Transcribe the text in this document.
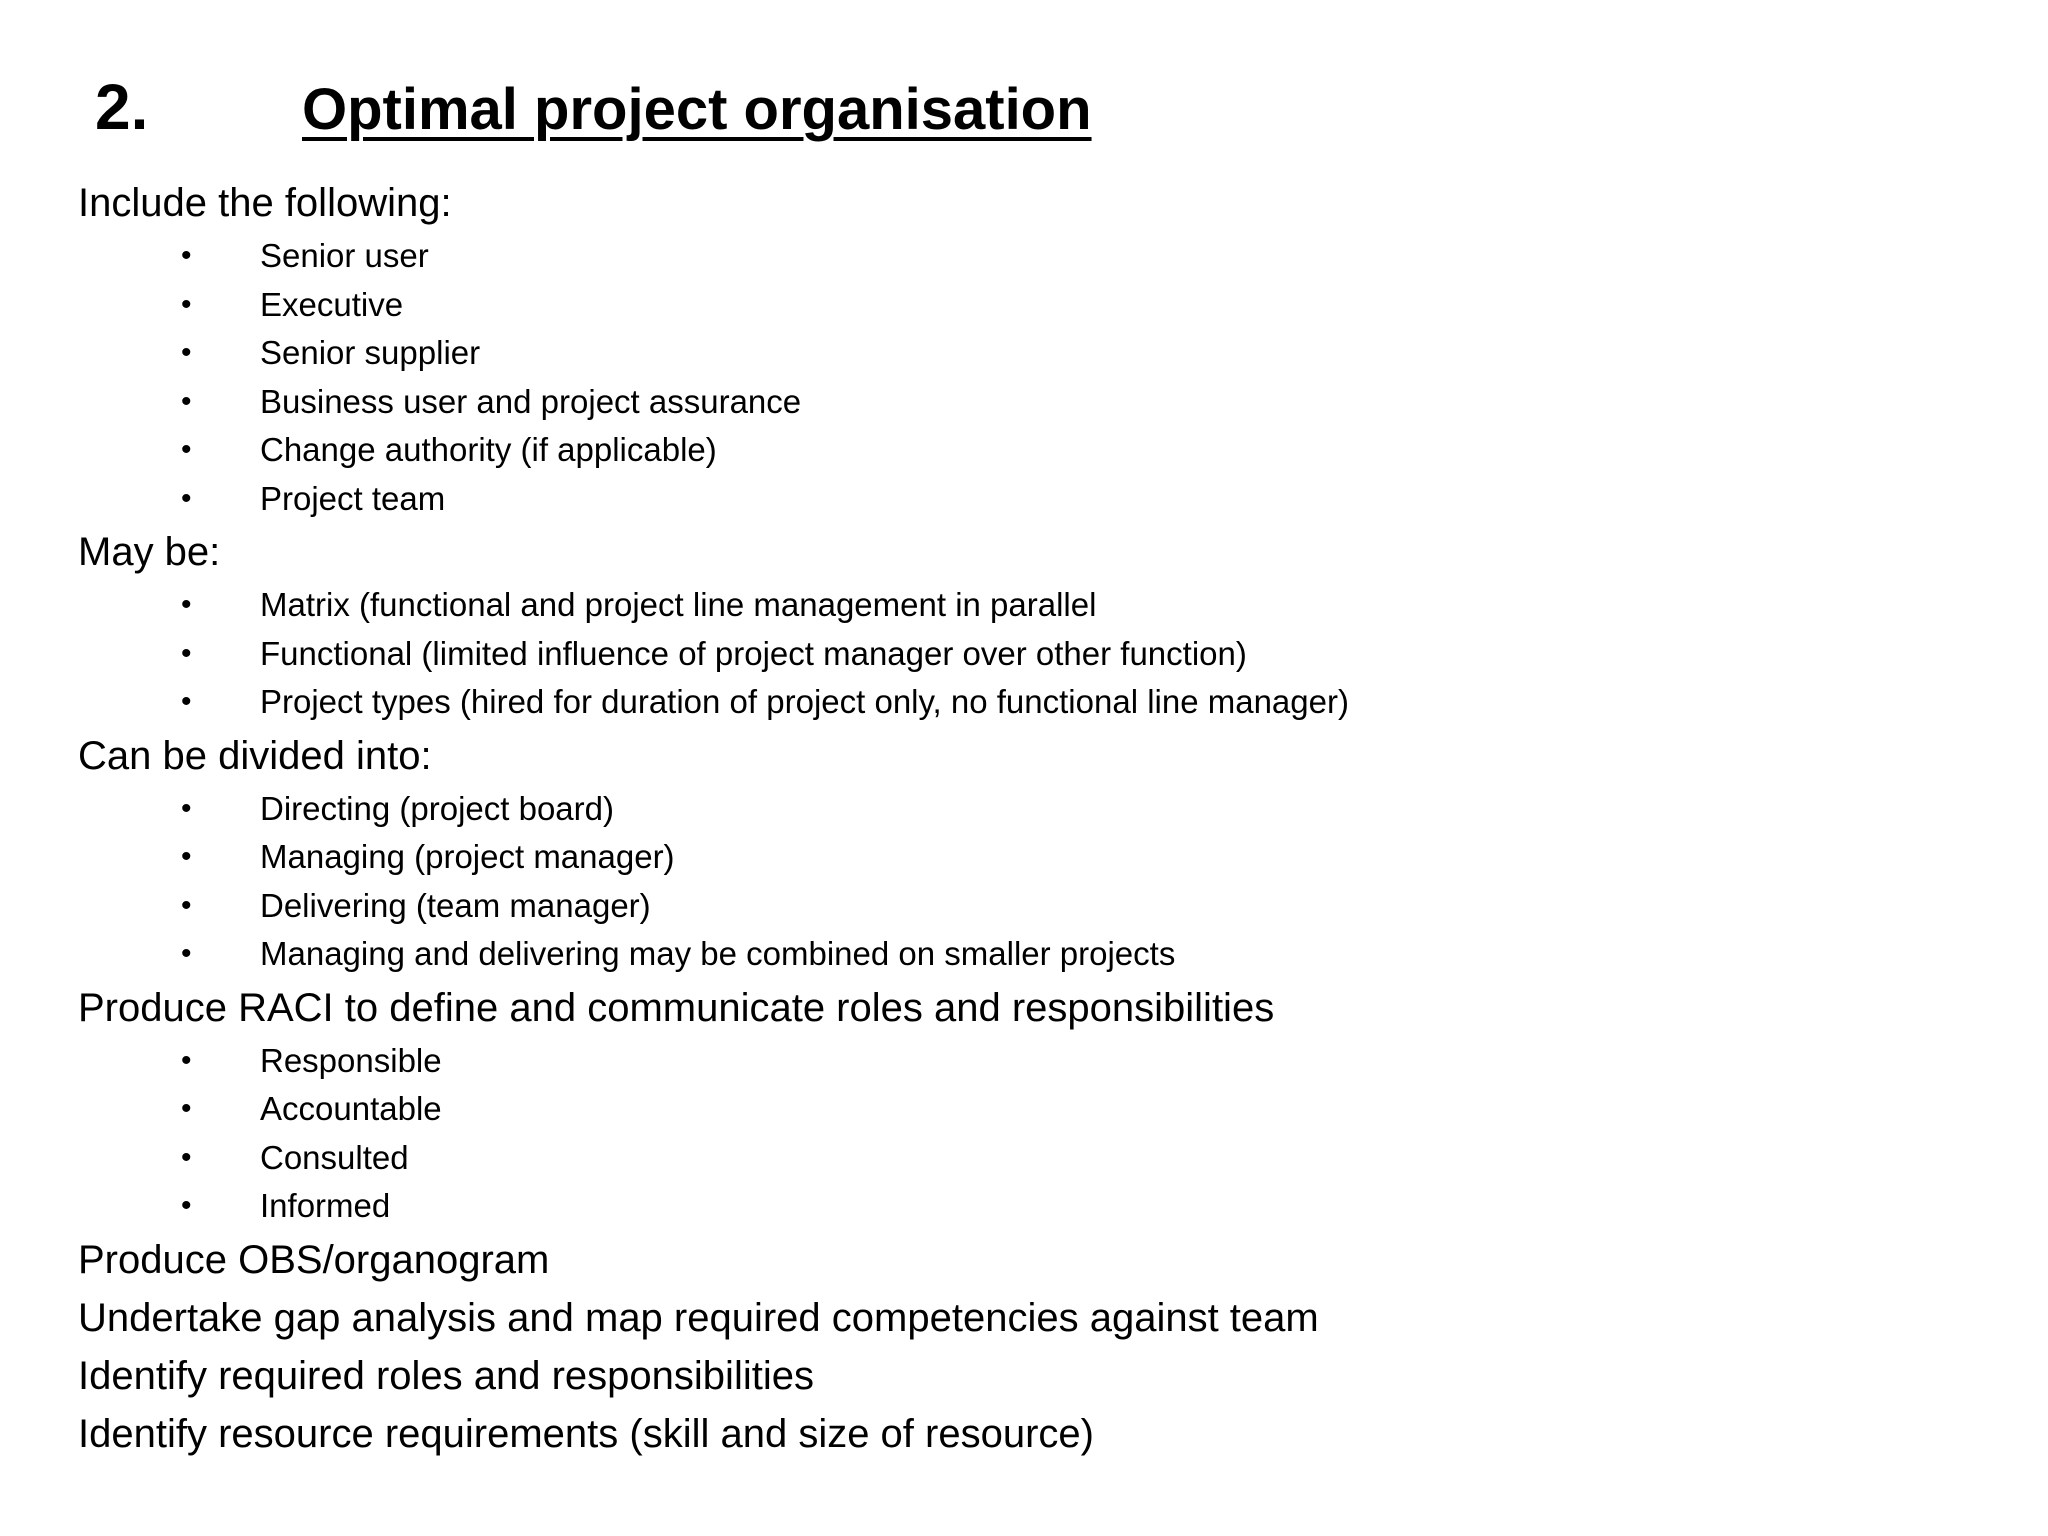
2.	Optimal project organisation
Include the following:
• Senior user
• Executive
• Senior supplier
• Business user and project assurance
• Change authority (if applicable)
• Project team
May be:
• Matrix (functional and project line management in parallel
• Functional (limited influence of project manager over other function)
• Project types (hired for duration of project only, no functional line manager)
Can be divided into:
• Directing (project board)
• Managing (project manager)
• Delivering (team manager)
• Managing and delivering may be combined on smaller projects
Produce RACI to define and communicate roles and responsibilities
• Responsible
• Accountable
• Consulted
• Informed
Produce OBS/organogram
Undertake gap analysis and map required competencies against team
Identify required roles and responsibilities
Identify resource requirements (skill and size of resource)
